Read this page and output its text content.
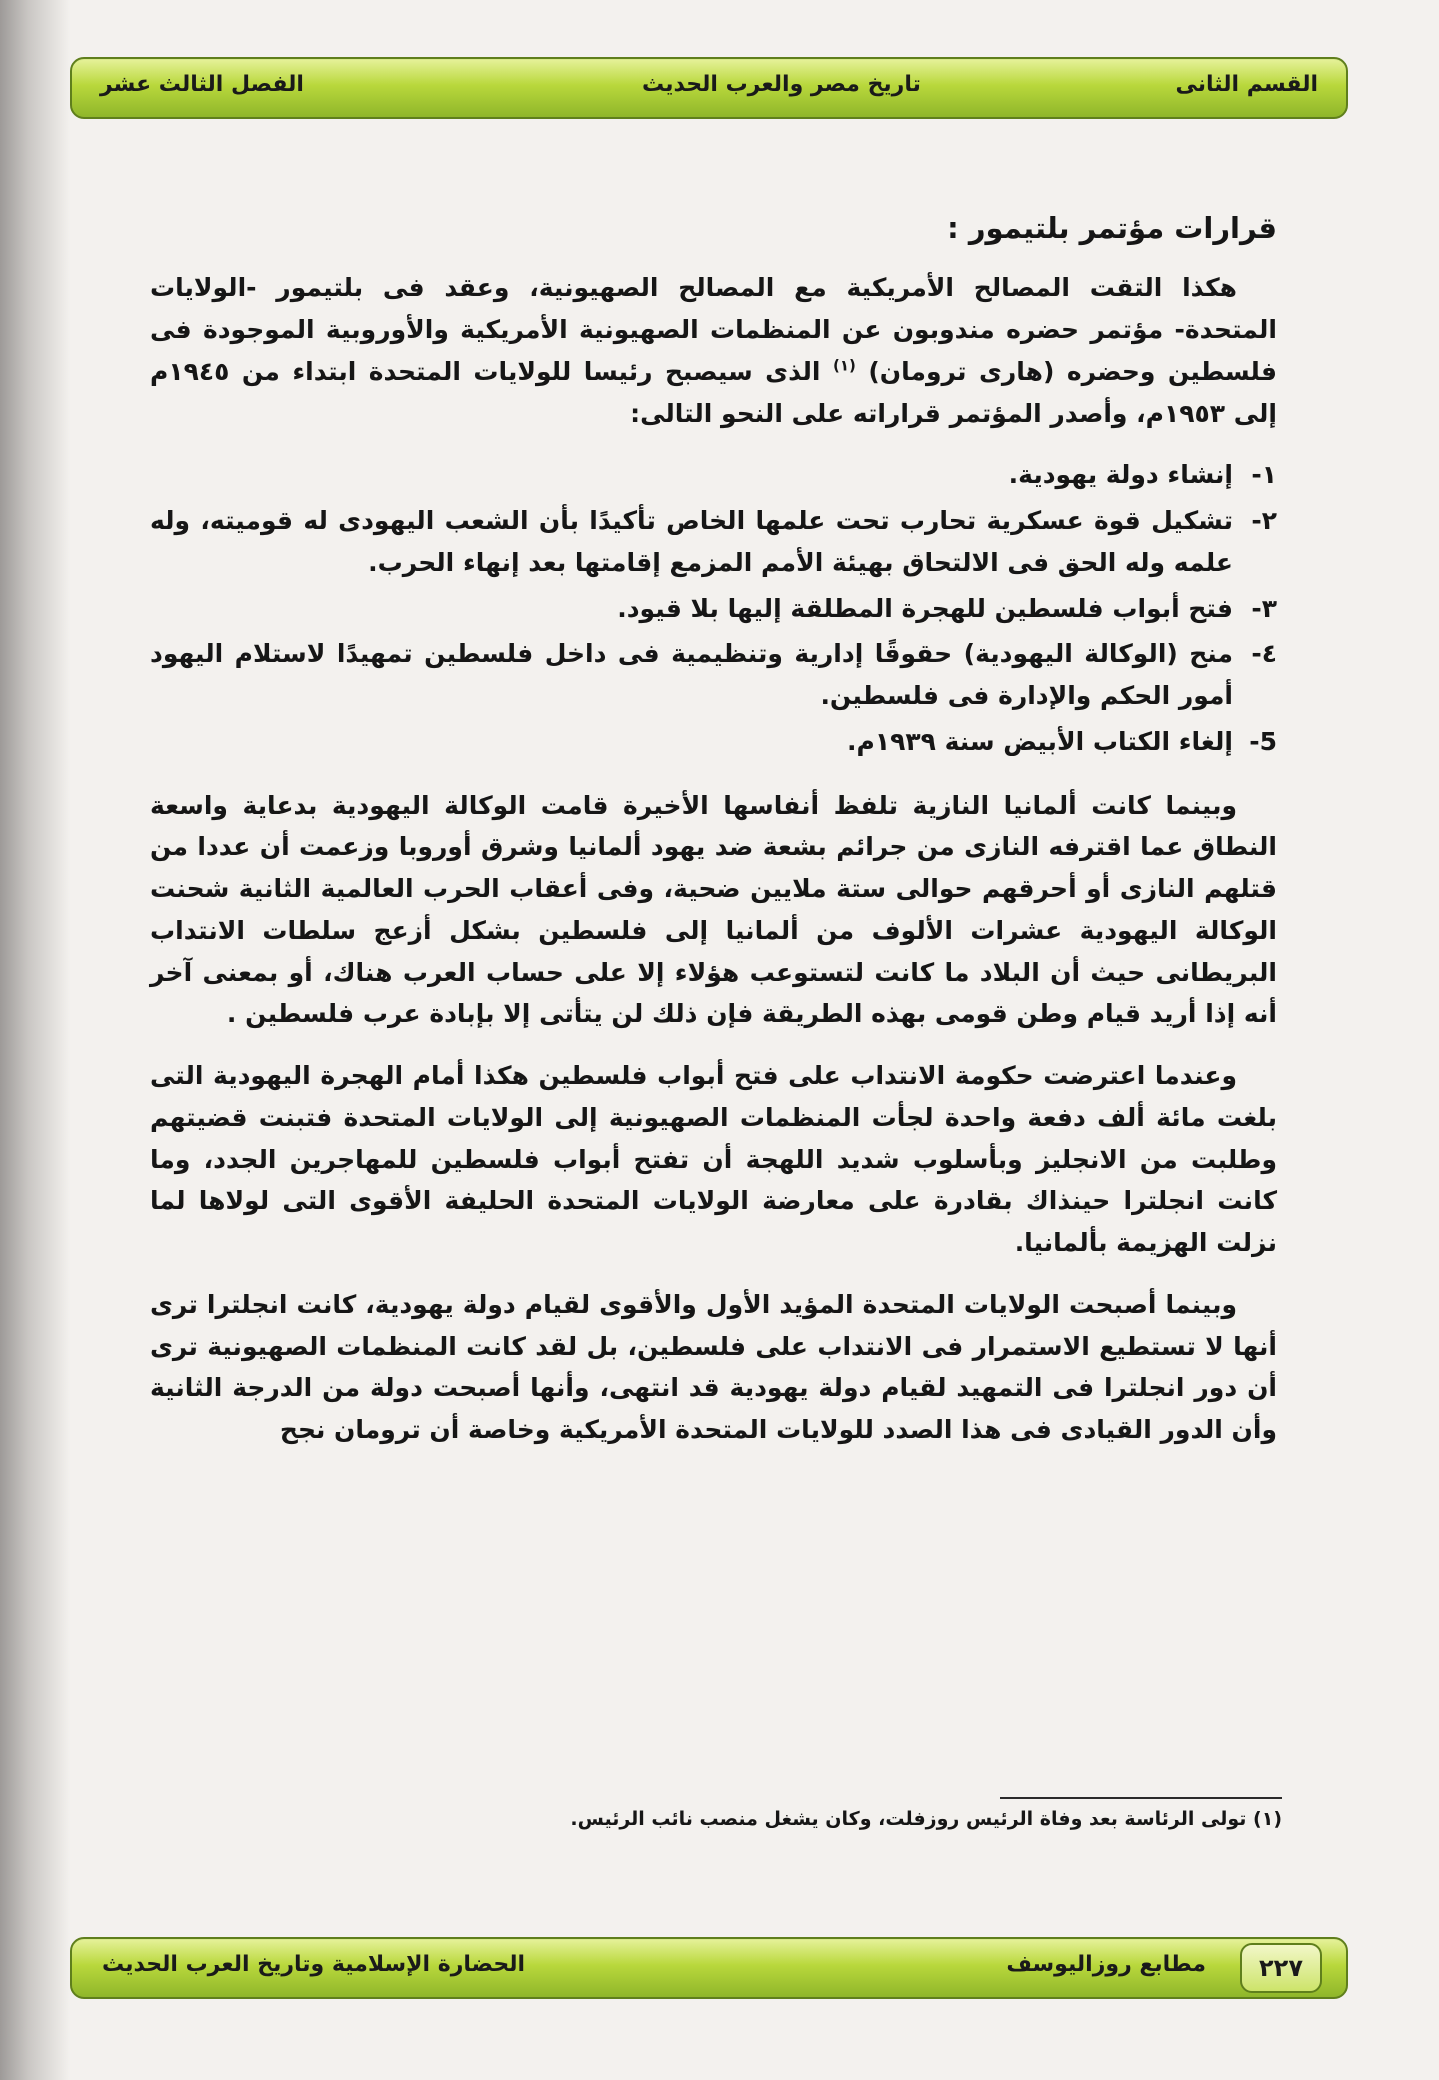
القسم الثانى
تاريخ مصر والعرب الحديث
الفصل الثالث عشر
قرارات مؤتمر بلتيمور :

هكذا التقت المصالح الأمريكية مع المصالح الصهيونية، وعقد فى بلتيمور -الولايات المتحدة- مؤتمر حضره مندوبون عن المنظمات الصهيونية الأمريكية والأوروبية الموجودة فى فلسطين وحضره (هارى ترومان) $^{(١)}$ الذى سيصبح رئيسا للولايات المتحدة ابتداء من ١٩٤٥م إلى ١٩٥٣م، وأصدر المؤتمر قراراته على النحو التالى:

١-
إنشاء دولة يهودية.
٢-
تشكيل قوة عسكرية تحارب تحت علمها الخاص تأكيدًا بأن الشعب اليهودى له قوميته، وله علمه وله الحق فى الالتحاق بهيئة الأمم المزمع إقامتها بعد إنهاء الحرب.
٣-
فتح أبواب فلسطين للهجرة المطلقة إليها بلا قيود.
٤-
منح (الوكالة اليهودية) حقوقًا إدارية وتنظيمية فى داخل فلسطين تمهيدًا لاستلام اليهود أمور الحكم والإدارة فى فلسطين.
5-
إلغاء الكتاب الأبيض سنة ١٩٣٩م.

وبينما كانت ألمانيا النازية تلفظ أنفاسها الأخيرة قامت الوكالة اليهودية بدعاية واسعة النطاق عما اقترفه النازى من جرائم بشعة ضد يهود ألمانيا وشرق أوروبا وزعمت أن عددا من قتلهم النازى أو أحرقهم حوالى ستة ملايين ضحية، وفى أعقاب الحرب العالمية الثانية شحنت الوكالة اليهودية عشرات الألوف من ألمانيا إلى فلسطين بشكل أزعج سلطات الانتداب البريطانى حيث أن البلاد ما كانت لتستوعب هؤلاء إلا على حساب العرب هناك، أو بمعنى آخر أنه إذا أريد قيام وطن قومى بهذه الطريقة فإن ذلك لن يتأتى إلا بإبادة عرب فلسطين .

وعندما اعترضت حكومة الانتداب على فتح أبواب فلسطين هكذا أمام الهجرة اليهودية التى بلغت مائة ألف دفعة واحدة لجأت المنظمات الصهيونية إلى الولايات المتحدة فتبنت قضيتهم وطلبت من الانجليز وبأسلوب شديد اللهجة أن تفتح أبواب فلسطين للمهاجرين الجدد، وما كانت انجلترا حينذاك بقادرة على معارضة الولايات المتحدة الحليفة الأقوى التى لولاها لما نزلت الهزيمة بألمانيا.

وبينما أصبحت الولايات المتحدة المؤيد الأول والأقوى لقيام دولة يهودية، كانت انجلترا ترى أنها لا تستطيع الاستمرار فى الانتداب على فلسطين، بل لقد كانت المنظمات الصهيونية ترى أن دور انجلترا فى التمهيد لقيام دولة يهودية قد انتهى، وأنها أصبحت دولة من الدرجة الثانية وأن الدور القيادى فى هذا الصدد للولايات المتحدة الأمريكية وخاصة أن ترومان نجح

(١) تولى الرئاسة بعد وفاة الرئيس روزفلت، وكان يشغل منصب نائب الرئيس.
٢٢٧
مطابع روزاليوسف
الحضارة الإسلامية وتاريخ العرب الحديث
